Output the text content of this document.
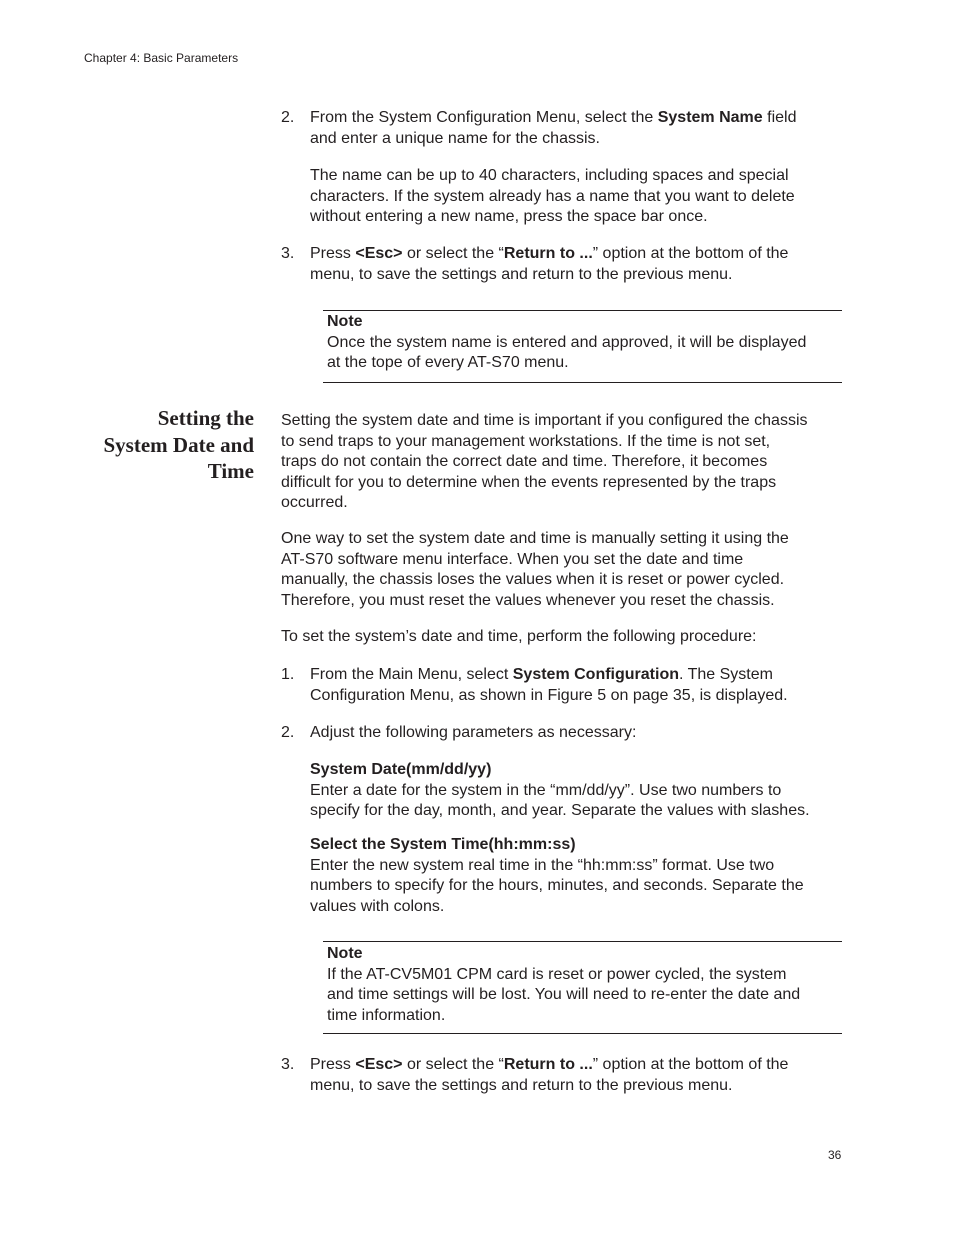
Chapter 4: Basic Parameters
2. From the System Configuration Menu, select the System Name field
and enter a unique name for the chassis.
The name can be up to 40 characters, including spaces and special
characters. If the system already has a name that you want to delete
without entering a new name, press the space bar once.
3. Press <Esc> or select the “Return to ...” option at the bottom of the
menu, to save the settings and return to the previous menu.
Note
Once the system name is entered and approved, it will be displayed
at the tope of every AT-S70 menu.
Setting the
System Date and
Time
Setting the system date and time is important if you configured the chassis
to send traps to your management workstations. If the time is not set,
traps do not contain the correct date and time. Therefore, it becomes
difficult for you to determine when the events represented by the traps
occurred.
One way to set the system date and time is manually setting it using the
AT-S70 software menu interface. When you set the date and time
manually, the chassis loses the values when it is reset or power cycled.
Therefore, you must reset the values whenever you reset the chassis.
To set the system’s date and time, perform the following procedure:
1. From the Main Menu, select System Configuration. The System
Configuration Menu, as shown in Figure 5 on page 35, is displayed.
2. Adjust the following parameters as necessary:
System Date(mm/dd/yy)
Enter a date for the system in the “mm/dd/yy”. Use two numbers to
specify for the day, month, and year. Separate the values with slashes.
Select the System Time(hh:mm:ss)
Enter the new system real time in the “hh:mm:ss” format. Use two
numbers to specify for the hours, minutes, and seconds. Separate the
values with colons.
Note
If the AT-CV5M01 CPM card is reset or power cycled, the system
and time settings will be lost. You will need to re-enter the date and
time information.
3. Press <Esc> or select the “Return to ...” option at the bottom of the
menu, to save the settings and return to the previous menu.
36
